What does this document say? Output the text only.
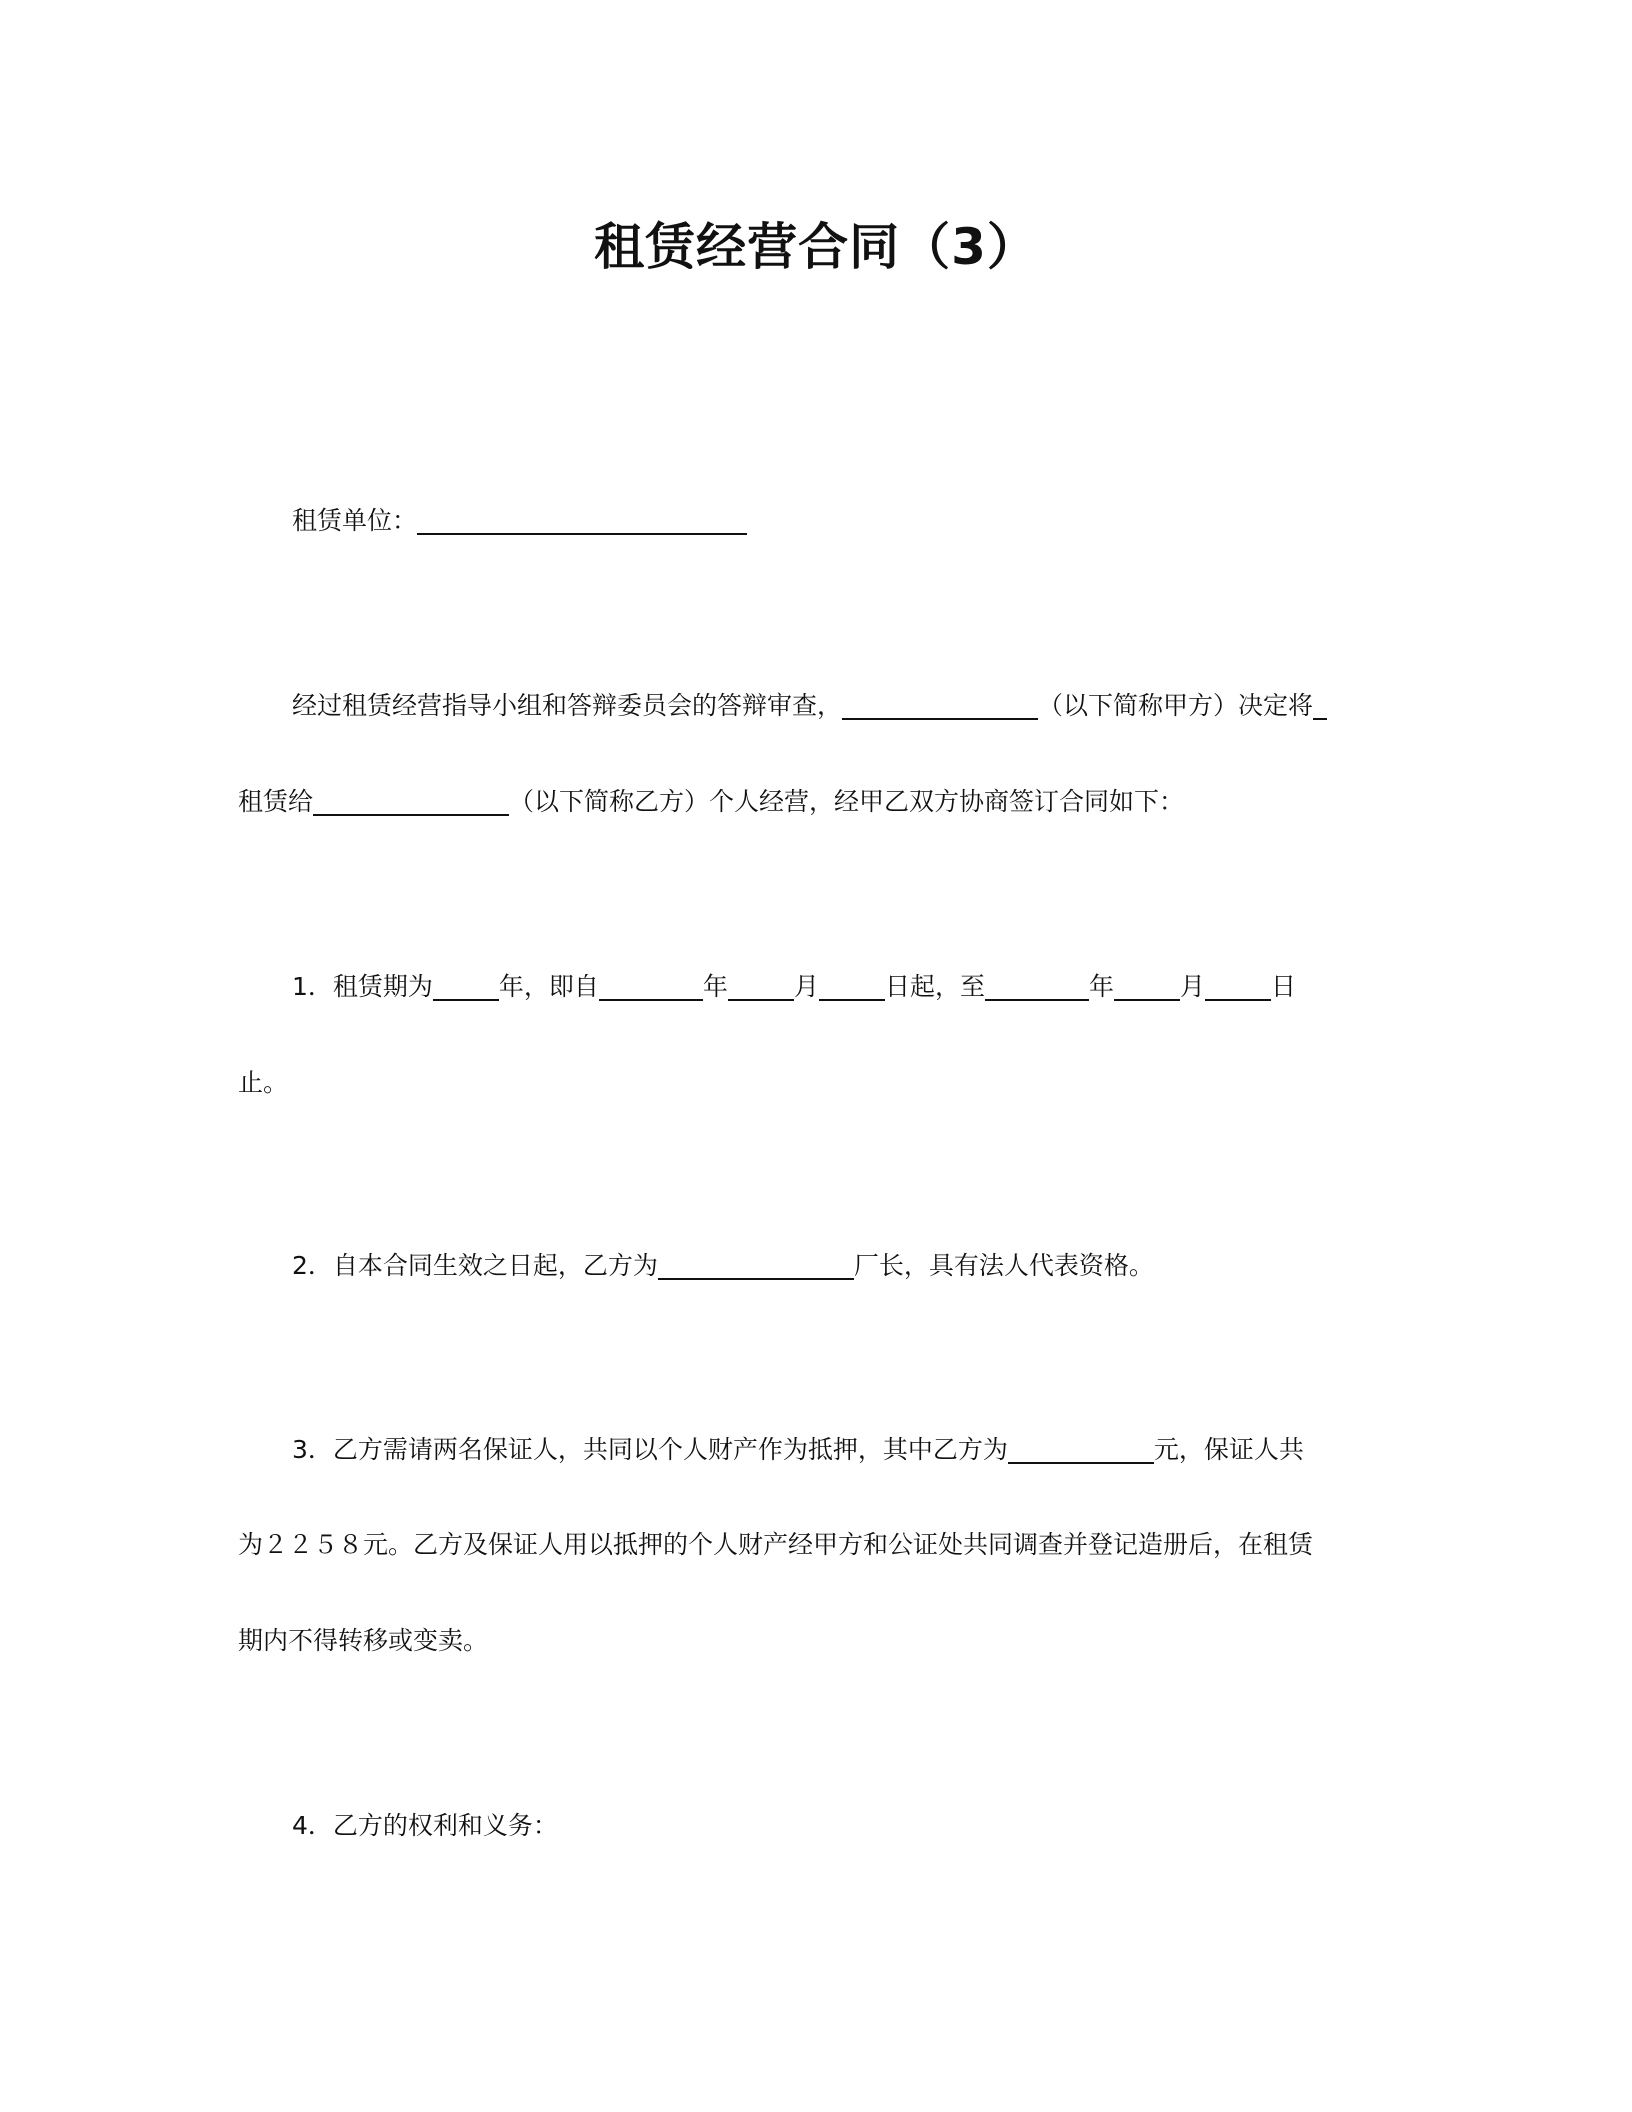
租赁经营合同（3）
租赁单位：
经过租赁经营指导小组和答辩委员会的答辩审查，	（以下简称甲方）决定将
租赁给	（以下简称乙方）个人经营，经甲乙双方协商签订合同如下：
1．租赁期为	年，即自	年	月	日起，至	年	月	日
止。
2．自本合同生效之日起，乙方为	厂长，具有法人代表资格。
3．乙方需请两名保证人，共同以个人财产作为抵押，其中乙方为	元，保证人共
为２２５８元。乙方及保证人用以抵押的个人财产经甲方和公证处共同调查并登记造册后，在租赁
期内不得转移或变卖。
4．乙方的权利和义务：
